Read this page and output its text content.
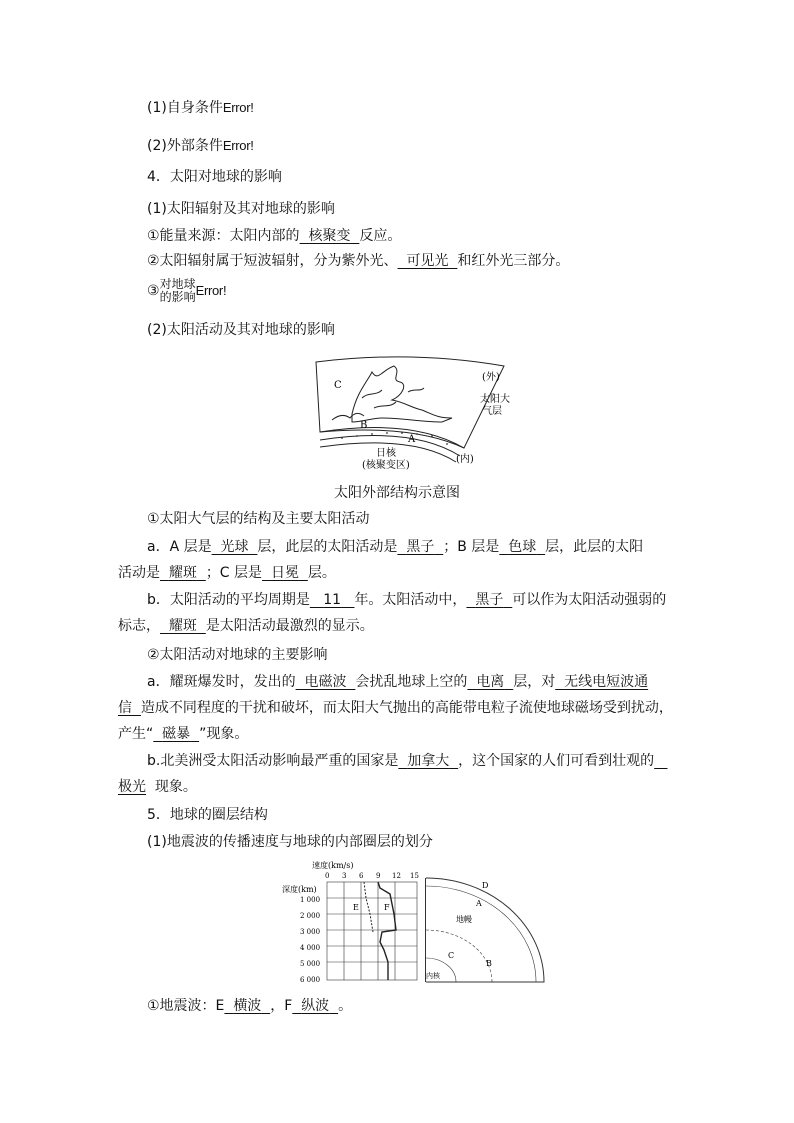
(1)自身条件Error!
(2)外部条件Error!
4．太阳对地球的影响
(1)太阳辐射及其对地球的影响
①能量来源：太阳内部的 核聚变 反应。
②太阳辐射属于短波辐射，分为紫外光、 可见光 和红外光三部分。
③对地球
的影响Error!
(2)太阳活动及其对地球的影响
C
B
A
(外)
(内)
太阳大
气层
日核
(核聚变区)
太阳外部结构示意图
①太阳大气层的结构及主要太阳活动
a．A 层是 光球 层，此层的太阳活动是 黑子 ；B 层是 色球 层，此层的太阳
活动是 耀斑 ；C 层是 日冕 层。
b．太阳活动的平均周期是 11 年。太阳活动中， 黑子 可以作为太阳活动强弱的
标志， 耀斑 是太阳活动最激烈的显示。
②太阳活动对地球的主要影响
a．耀斑爆发时，发出的 电磁波 会扰乱地球上空的 电离 层，对 无线电短波通
信 造成不同程度的干扰和破坏，而太阳大气抛出的高能带电粒子流使地球磁场受到扰动，
产生“ 磁暴 ”现象。
b.北美洲受太阳活动影响最严重的国家是 加拿大 ，这个国家的人们可看到壮观的
极光 现象。
5．地球的圈层结构
(1)地震波的传播速度与地球的内部圈层的划分
速度(km/s)
深度(km)
0 3 6 9 12 15
1 000
2 000
3 000
4 000
5 000
6 000
E	F
D
A
地幔
C
B
内核
①地震波：E 横波 ，F 纵波 。
